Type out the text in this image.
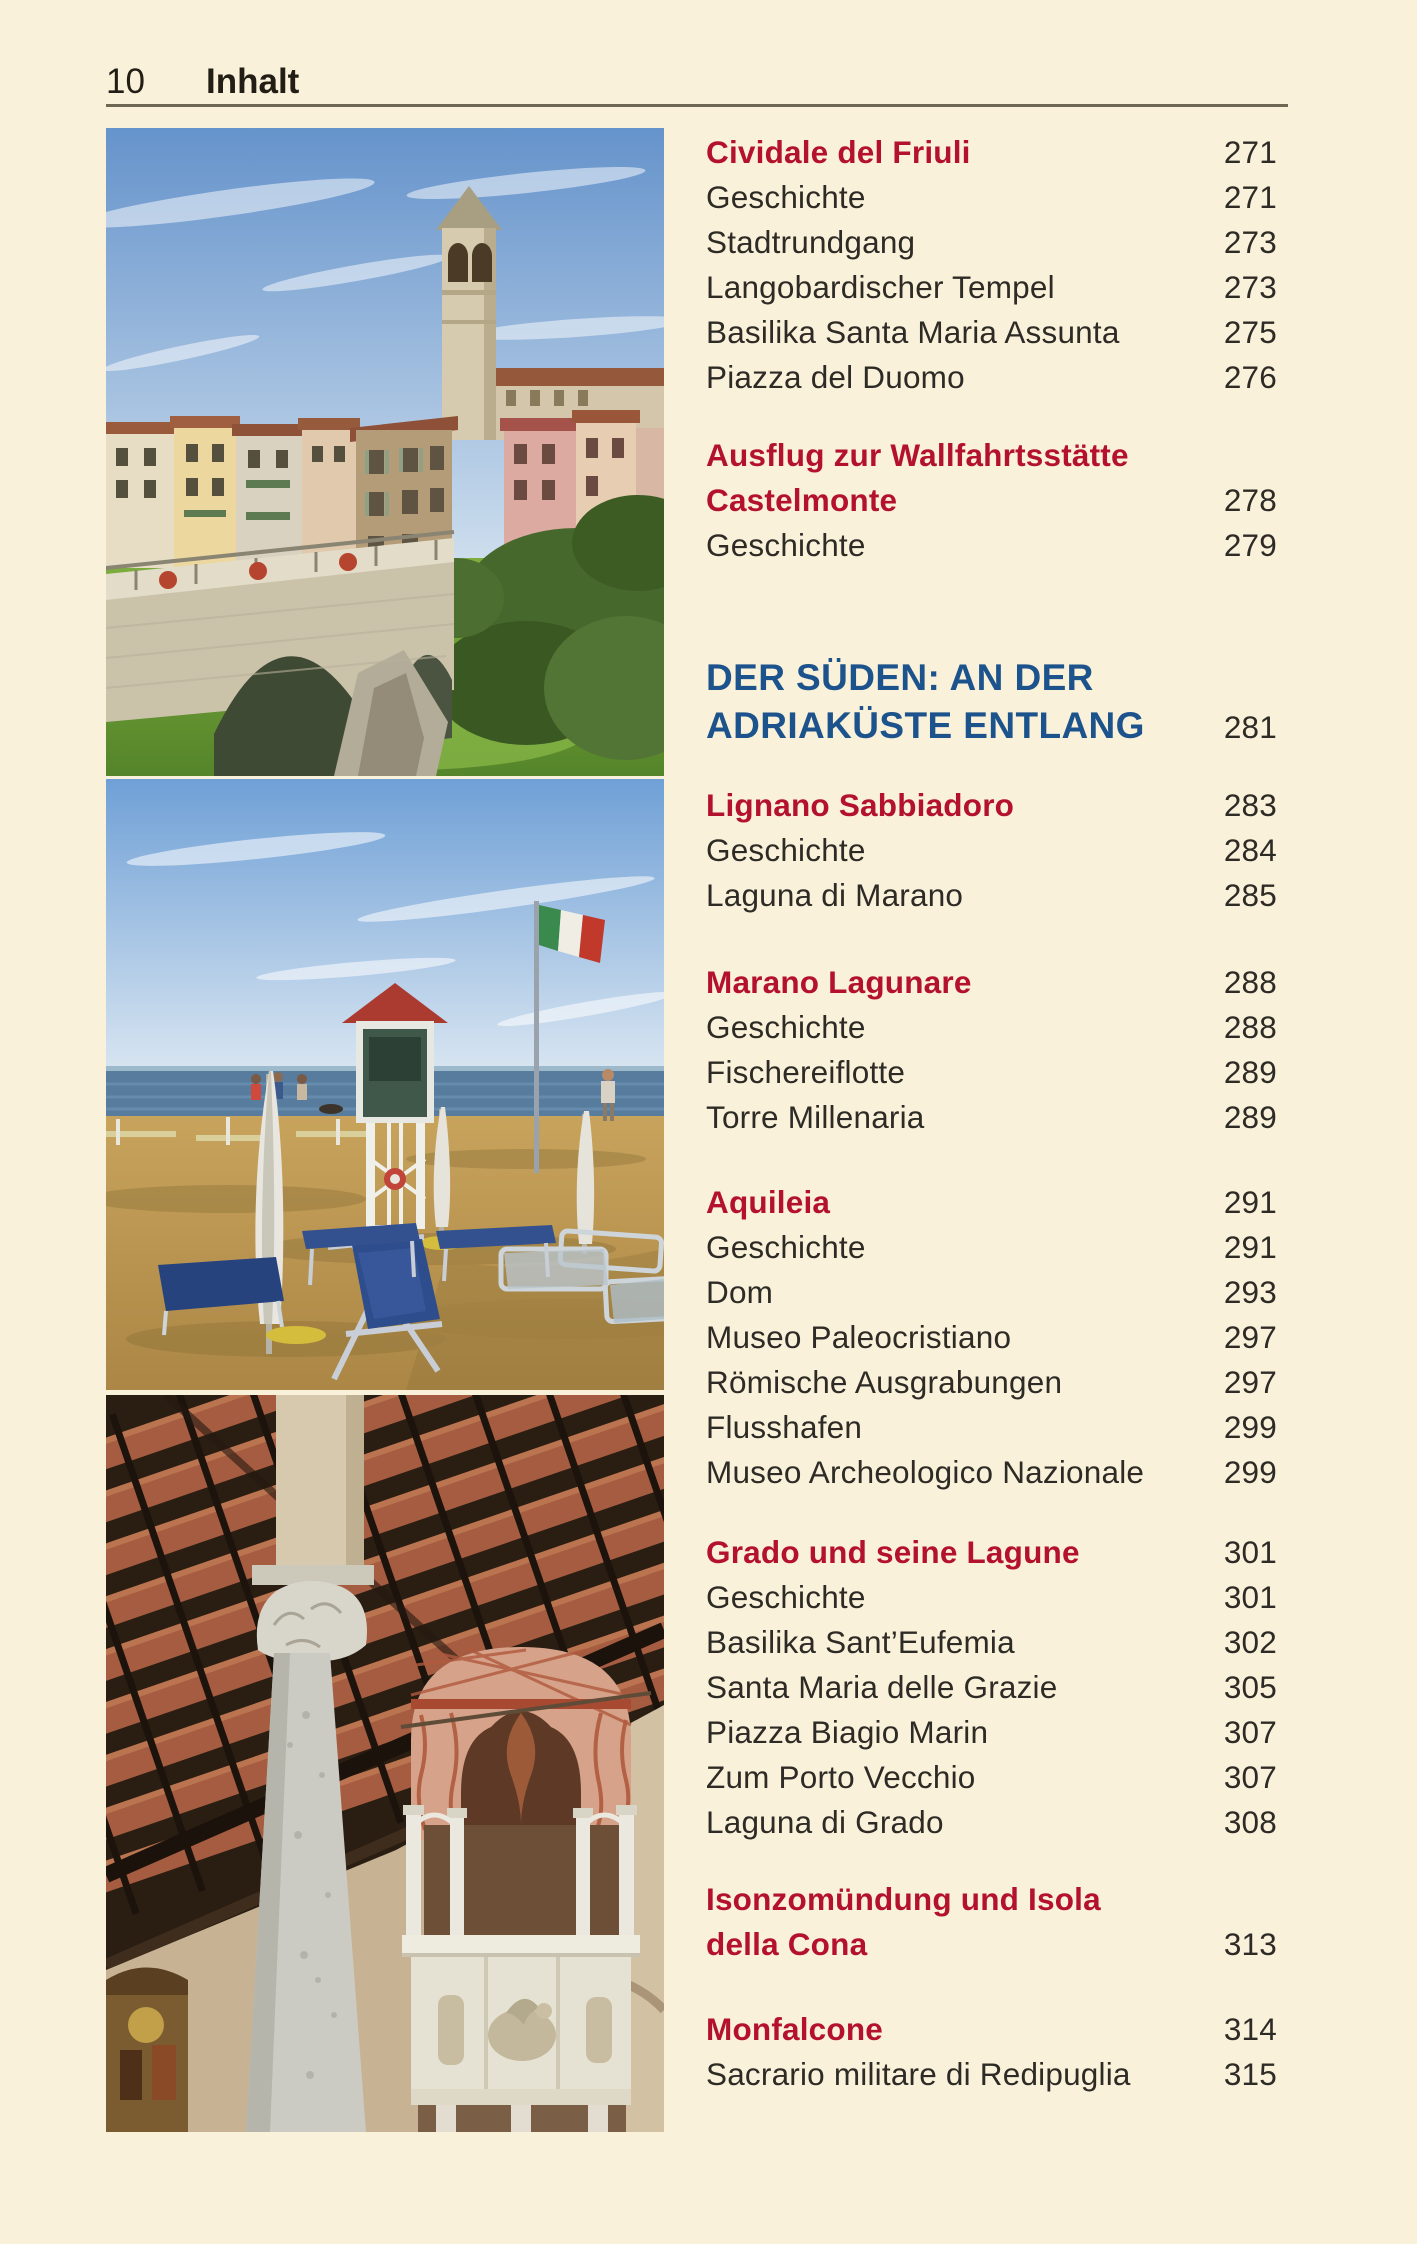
10 Inhalt
Cividale del Friuli	271
Geschichte	271
Stadtrundgang	273
Langobardischer Tempel	273
Basilika Santa Maria Assunta	275
Piazza del Duomo	276
Ausflug zur Wallfahrtsstätte
Castelmonte	278
Geschichte	279
DER SÜDEN: AN DER
ADRIAKÜSTE ENTLANG	281
Lignano Sabbiadoro	283
Geschichte	284
Laguna di Marano	285
Marano Lagunare	288
Geschichte	288
Fischereiflotte	289
Torre Millenaria	289
Aquileia	291
Geschichte	291
Dom	293
Museo Paleocristiano	297
Römische Ausgrabungen	297
Flusshafen	299
Museo Archeologico Nazionale	299
Grado und seine Lagune	301
Geschichte	301
Basilika Sant’Eufemia	302
Santa Maria delle Grazie	305
Piazza Biagio Marin	307
Zum Porto Vecchio	307
Laguna di Grado	308
Isonzomündung und Isola
della Cona	313
Monfalcone	314
Sacrario militare di Redipuglia	315
